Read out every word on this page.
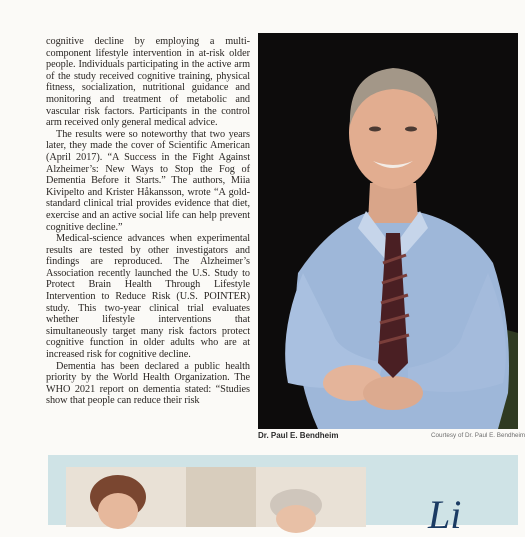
cognitive decline by employing a multi-component lifestyle intervention in at-risk older people. Individuals participating in the active arm of the study received cognitive training, physical fitness, socialization, nutritional guidance and monitoring and treatment of metabolic and vascular risk factors. Participants in the control arm received only general medical advice.

The results were so noteworthy that two years later, they made the cover of Scientific American (April 2017). “A Success in the Fight Against Alzheimer’s: New Ways to Stop the Fog of Dementia Before it Starts.” The authors, Miia Kivipelto and Krister Håkansson, wrote “A gold-standard clinical trial provides evidence that diet, exercise and an active social life can help prevent cognitive decline.”

Medical-science advances when experimental results are tested by other investigators and findings are reproduced. The Alzheimer’s Association recently launched the U.S. Study to Protect Brain Health Through Lifestyle Intervention to Reduce Risk (U.S. POINTER) study. This two-year clinical trial evaluates whether lifestyle interventions that simultaneously target many risk factors protect cognitive function in older adults who are at increased risk for cognitive decline.

Dementia has been declared a public health priority by the World Health Organization. The WHO 2021 report on dementia stated: “Studies show that people can reduce their risk

Dr. Paul E. Bendheim	Courtesy of Dr. Paul E. Bendheim
Li
